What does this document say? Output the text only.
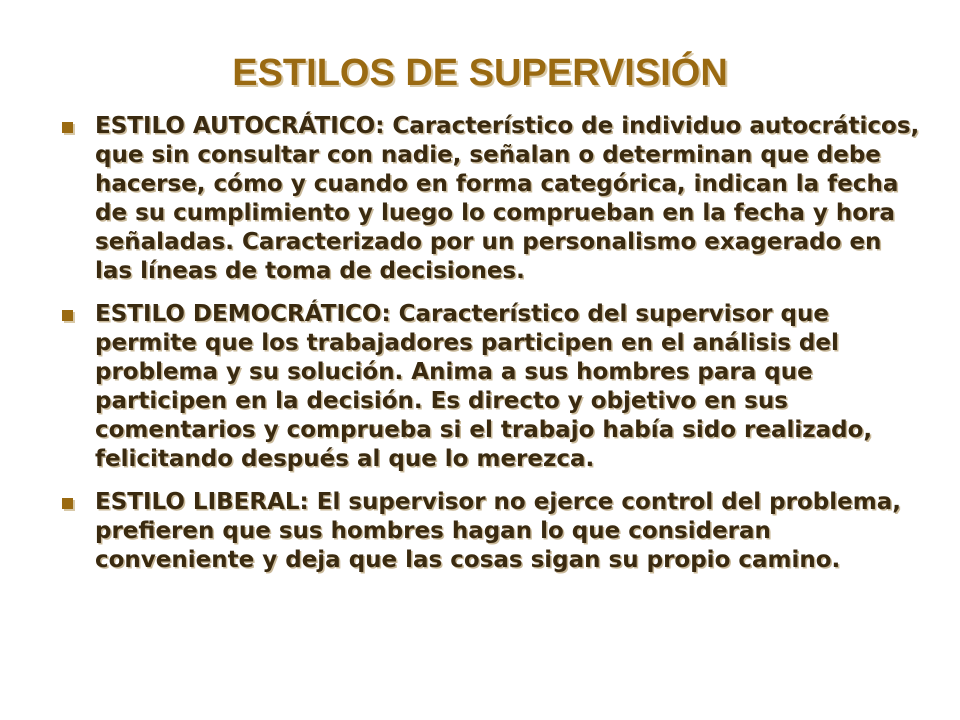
ESTILOS DE SUPERVISIÓN
ESTILO AUTOCRÁTICO: Característico de individuo autocráticos, que sin consultar con nadie, señalan o determinan que debe hacerse, cómo y cuando en forma categórica, indican la fecha de su cumplimiento y luego lo comprueban en la fecha y hora señaladas. Caracterizado por un personalismo exagerado en las líneas de toma de decisiones.
ESTILO DEMOCRÁTICO: Característico del supervisor que permite que los trabajadores participen en el análisis del problema y su solución. Anima a sus hombres para que participen en la decisión. Es directo y objetivo en sus comentarios y comprueba si el trabajo había sido realizado, felicitando después al que lo merezca.
ESTILO LIBERAL: El supervisor no ejerce control del problema, prefieren que sus hombres hagan lo que consideran conveniente y deja que las cosas sigan su propio camino.
